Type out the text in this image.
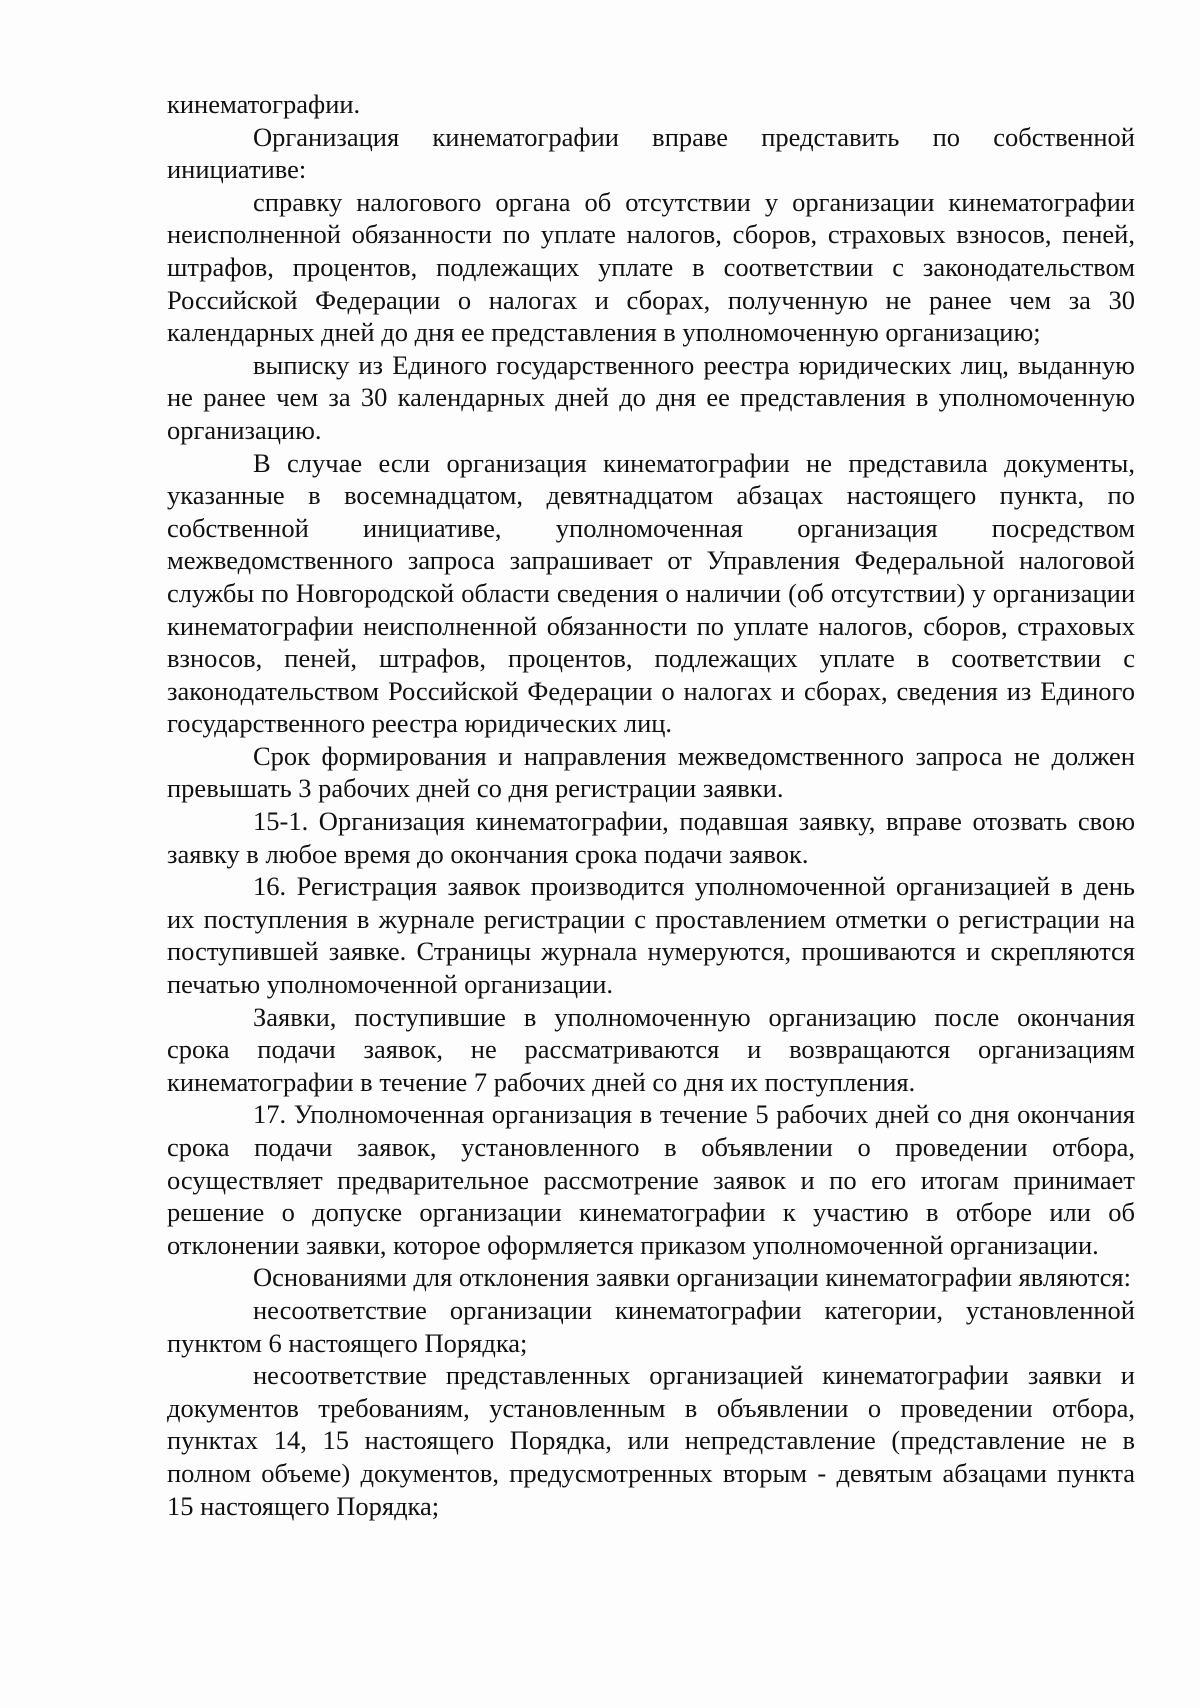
кинематографии.

Организация кинематографии вправе представить по собственной инициативе:

справку налогового органа об отсутствии у организации кинематографии неисполненной обязанности по уплате налогов, сборов, страховых взносов, пеней, штрафов, процентов, подлежащих уплате в соответствии с законодательством Российской Федерации о налогах и сборах, полученную не ранее чем за 30 календарных дней до дня ее представления в уполномоченную организацию;

выписку из Единого государственного реестра юридических лиц, выданную не ранее чем за 30 календарных дней до дня ее представления в уполномоченную организацию.

В случае если организация кинематографии не представила документы, указанные в восемнадцатом, девятнадцатом абзацах настоящего пункта, по собственной инициативе, уполномоченная организация посредством межведомственного запроса запрашивает от Управления Федеральной налоговой службы по Новгородской области сведения о наличии (об отсутствии) у организации кинематографии неисполненной обязанности по уплате налогов, сборов, страховых взносов, пеней, штрафов, процентов, подлежащих уплате в соответствии с законодательством Российской Федерации о налогах и сборах, сведения из Единого государственного реестра юридических лиц.

Срок формирования и направления межведомственного запроса не должен превышать 3 рабочих дней со дня регистрации заявки.

15-1. Организация кинематографии, подавшая заявку, вправе отозвать свою заявку в любое время до окончания срока подачи заявок.

16. Регистрация заявок производится уполномоченной организацией в день их поступления в журнале регистрации с проставлением отметки о регистрации на поступившей заявке. Страницы журнала нумеруются, прошиваются и скрепляются печатью уполномоченной организации.

Заявки, поступившие в уполномоченную организацию после окончания срока подачи заявок, не рассматриваются и возвращаются организациям кинематографии в течение 7 рабочих дней со дня их поступления.

17. Уполномоченная организация в течение 5 рабочих дней со дня окончания срока подачи заявок, установленного в объявлении о проведении отбора, осуществляет предварительное рассмотрение заявок и по его итогам принимает решение о допуске организации кинематографии к участию в отборе или об отклонении заявки, которое оформляется приказом уполномоченной организации.

Основаниями для отклонения заявки организации кинематографии являются:

несоответствие организации кинематографии категории, установленной пунктом 6 настоящего Порядка;

несоответствие представленных организацией кинематографии заявки и документов требованиям, установленным в объявлении о проведении отбора, пунктах 14, 15 настоящего Порядка, или непредставление (представление не в полном объеме) документов, предусмотренных вторым - девятым абзацами пункта 15 настоящего Порядка;
